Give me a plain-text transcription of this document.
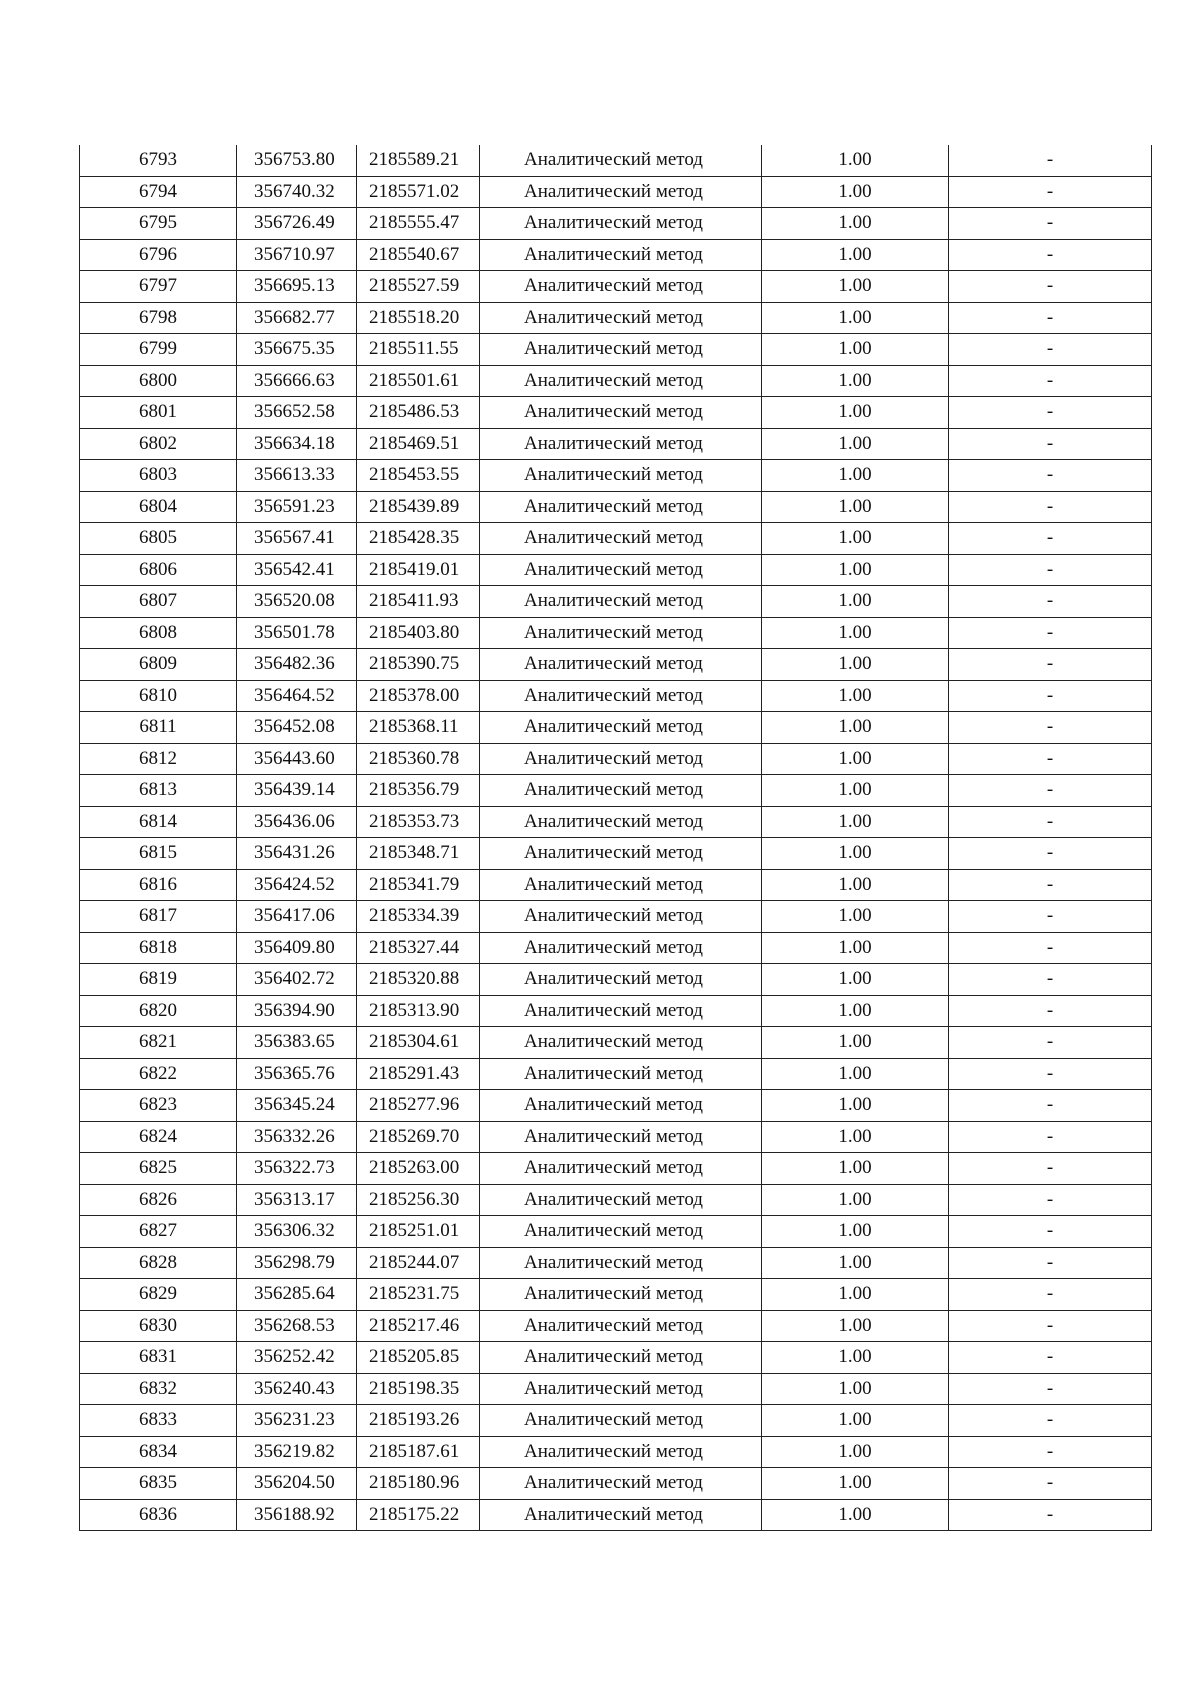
6793	356753.80	2185589.21	Аналитический метод	1.00	-
6794	356740.32	2185571.02	Аналитический метод	1.00	-
6795	356726.49	2185555.47	Аналитический метод	1.00	-
6796	356710.97	2185540.67	Аналитический метод	1.00	-
6797	356695.13	2185527.59	Аналитический метод	1.00	-
6798	356682.77	2185518.20	Аналитический метод	1.00	-
6799	356675.35	2185511.55	Аналитический метод	1.00	-
6800	356666.63	2185501.61	Аналитический метод	1.00	-
6801	356652.58	2185486.53	Аналитический метод	1.00	-
6802	356634.18	2185469.51	Аналитический метод	1.00	-
6803	356613.33	2185453.55	Аналитический метод	1.00	-
6804	356591.23	2185439.89	Аналитический метод	1.00	-
6805	356567.41	2185428.35	Аналитический метод	1.00	-
6806	356542.41	2185419.01	Аналитический метод	1.00	-
6807	356520.08	2185411.93	Аналитический метод	1.00	-
6808	356501.78	2185403.80	Аналитический метод	1.00	-
6809	356482.36	2185390.75	Аналитический метод	1.00	-
6810	356464.52	2185378.00	Аналитический метод	1.00	-
6811	356452.08	2185368.11	Аналитический метод	1.00	-
6812	356443.60	2185360.78	Аналитический метод	1.00	-
6813	356439.14	2185356.79	Аналитический метод	1.00	-
6814	356436.06	2185353.73	Аналитический метод	1.00	-
6815	356431.26	2185348.71	Аналитический метод	1.00	-
6816	356424.52	2185341.79	Аналитический метод	1.00	-
6817	356417.06	2185334.39	Аналитический метод	1.00	-
6818	356409.80	2185327.44	Аналитический метод	1.00	-
6819	356402.72	2185320.88	Аналитический метод	1.00	-
6820	356394.90	2185313.90	Аналитический метод	1.00	-
6821	356383.65	2185304.61	Аналитический метод	1.00	-
6822	356365.76	2185291.43	Аналитический метод	1.00	-
6823	356345.24	2185277.96	Аналитический метод	1.00	-
6824	356332.26	2185269.70	Аналитический метод	1.00	-
6825	356322.73	2185263.00	Аналитический метод	1.00	-
6826	356313.17	2185256.30	Аналитический метод	1.00	-
6827	356306.32	2185251.01	Аналитический метод	1.00	-
6828	356298.79	2185244.07	Аналитический метод	1.00	-
6829	356285.64	2185231.75	Аналитический метод	1.00	-
6830	356268.53	2185217.46	Аналитический метод	1.00	-
6831	356252.42	2185205.85	Аналитический метод	1.00	-
6832	356240.43	2185198.35	Аналитический метод	1.00	-
6833	356231.23	2185193.26	Аналитический метод	1.00	-
6834	356219.82	2185187.61	Аналитический метод	1.00	-
6835	356204.50	2185180.96	Аналитический метод	1.00	-
6836	356188.92	2185175.22	Аналитический метод	1.00	-
